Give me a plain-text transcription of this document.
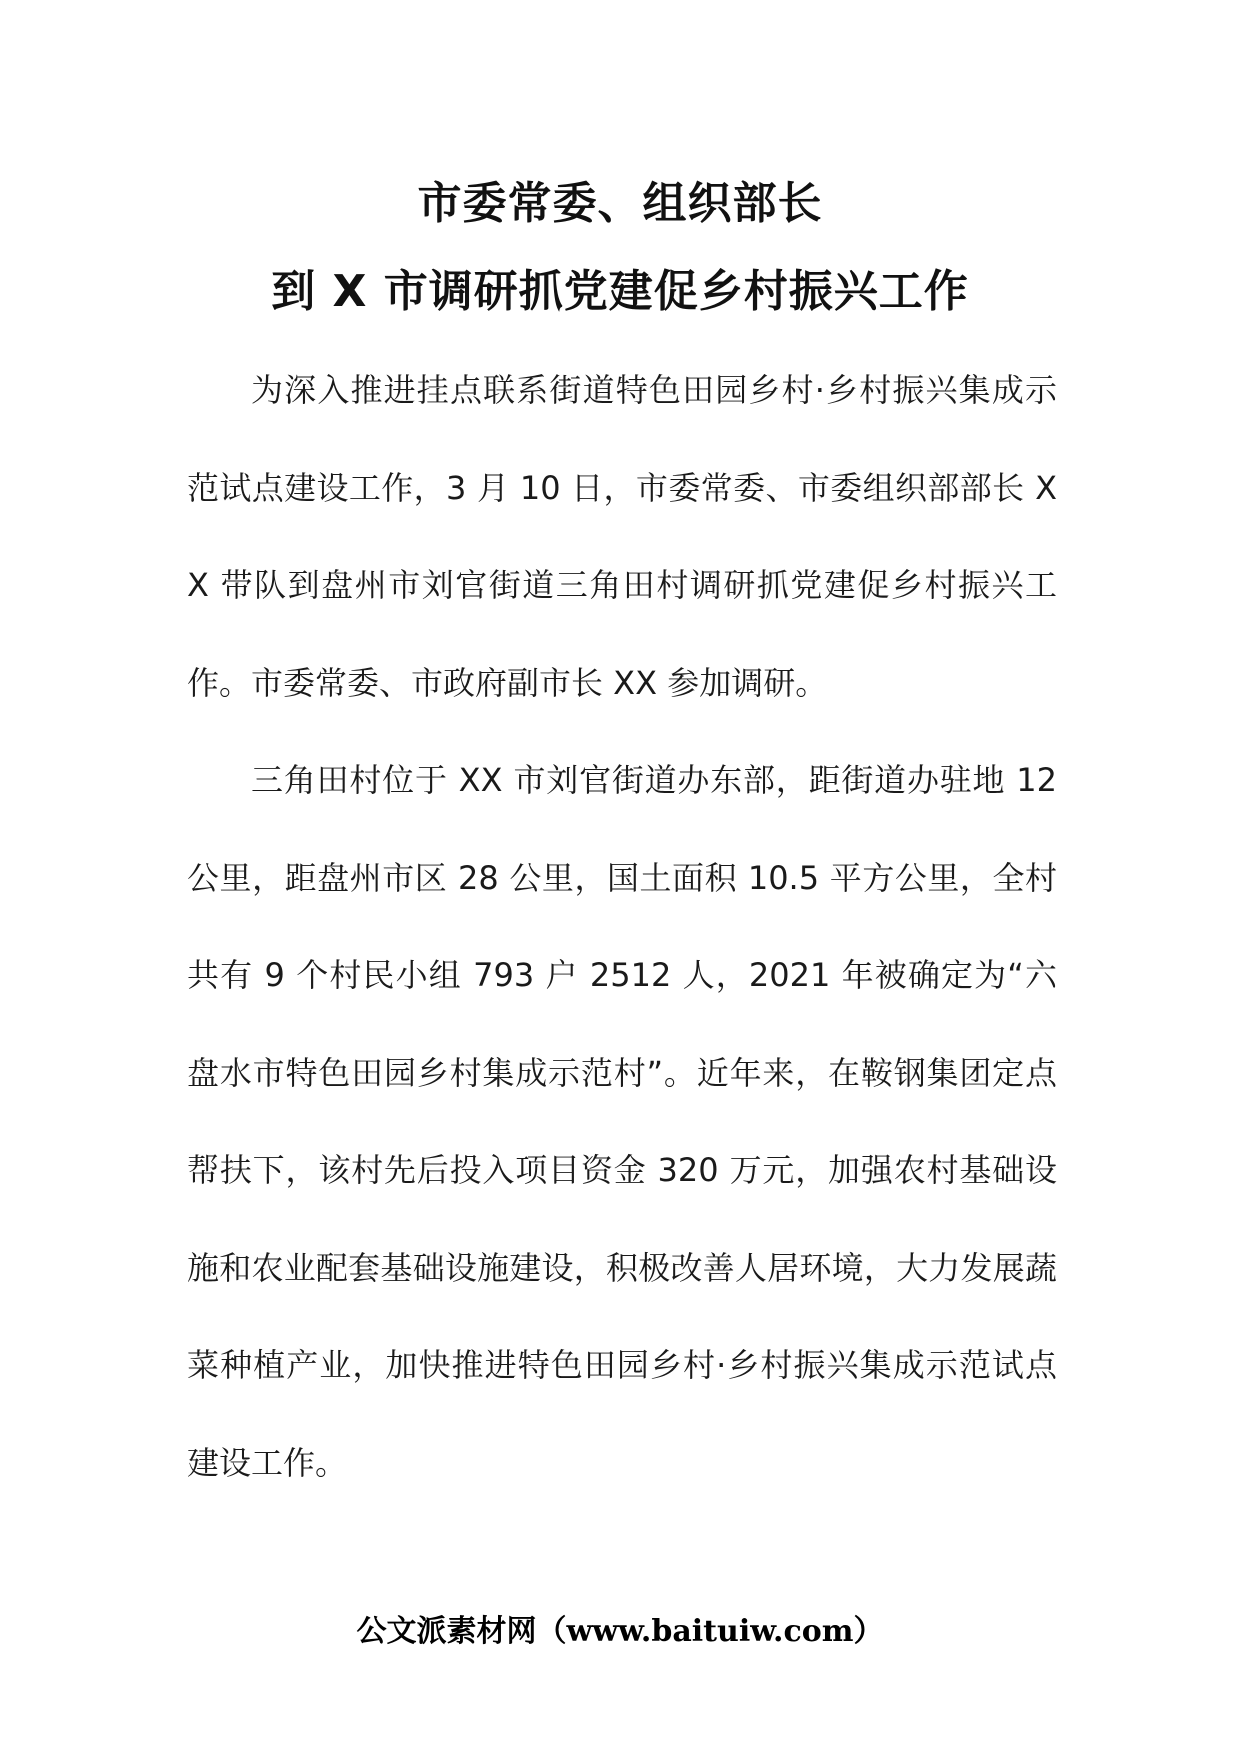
市委常委、组织部长
到 X 市调研抓党建促乡村振兴工作

为深入推进挂点联系街道特色田园乡村·乡村振兴集成示范试点建设工作，3 月 10 日，市委常委、市委组织部部长 XX 带队到盘州市刘官街道三角田村调研抓党建促乡村振兴工作。市委常委、市政府副市长 XX 参加调研。

三角田村位于 XX 市刘官街道办东部，距街道办驻地 12 公里，距盘州市区 28 公里，国土面积 10.5 平方公里，全村共有 9 个村民小组 793 户 2512 人，2021 年被确定为“六盘水市特色田园乡村集成示范村”。近年来，在鞍钢集团定点帮扶下，该村先后投入项目资金 320 万元，加强农村基础设施和农业配套基础设施建设，积极改善人居环境，大力发展蔬菜种植产业，加快推进特色田园乡村·乡村振兴集成示范试点建设工作。

公文派素材网（www.baituiw.com）
